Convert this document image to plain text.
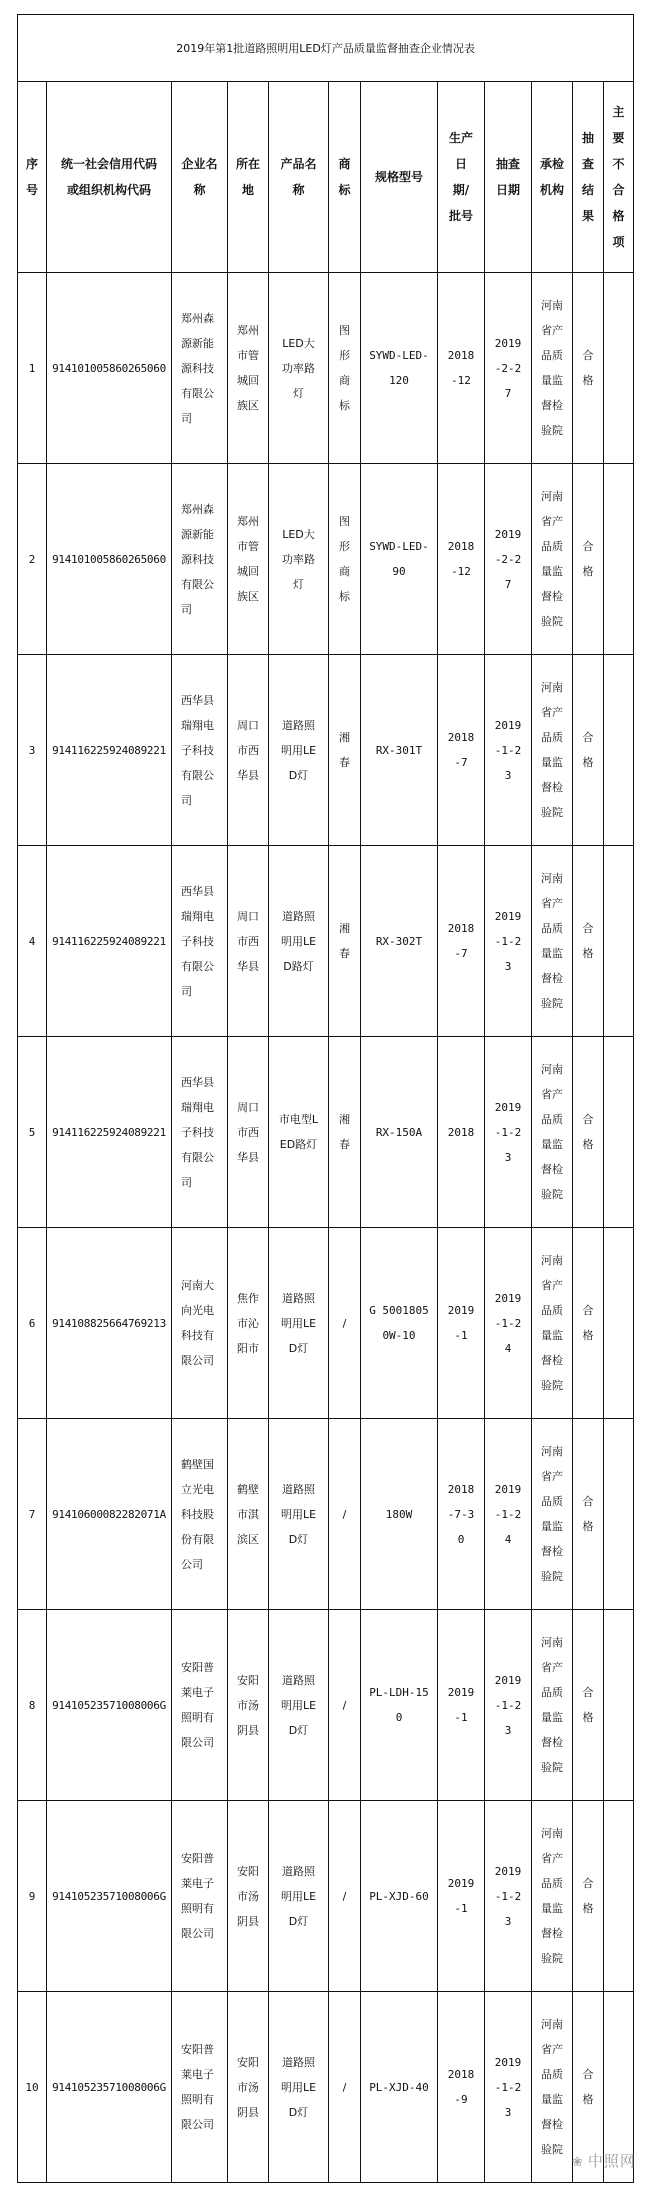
2019年第1批道路照明用LED灯产品质量监督抽查企业情况表											
序号	统一社会信用代码或组织机构代码	企业名称	所在地	产品名称	商标	规格型号	生产日期/批号	抽查日期	承检机构	抽查结果	主要不合格项
1	914101005860265060	郑州森源新能源科技有限公司	郑州市管城回族区	LED大功率路灯	图形商标	SYWD-LED-120	2018-12	2019-2-27	河南省产品质量监督检验院	合格	
2	914101005860265060	郑州森源新能源科技有限公司	郑州市管城回族区	LED大功率路灯	图形商标	SYWD-LED-90	2018-12	2019-2-27	河南省产品质量监督检验院	合格	
3	914116225924089221	西华县瑞翔电子科技有限公司	周口市西华县	道路照明用LED灯	湘春	RX-301T	2018-7	2019-1-23	河南省产品质量监督检验院	合格	
4	914116225924089221	西华县瑞翔电子科技有限公司	周口市西华县	道路照明用LED路灯	湘春	RX-302T	2018-7	2019-1-23	河南省产品质量监督检验院	合格	
5	914116225924089221	西华县瑞翔电子科技有限公司	周口市西华县	市电型LED路灯	湘春	RX-150A	2018	2019-1-23	河南省产品质量监督检验院	合格	
6	914108825664769213	河南大向光电科技有限公司	焦作市沁阳市	道路照明用LED灯	/	G 50018050W-10	2019-1	2019-1-24	河南省产品质量监督检验院	合格	
7	91410600082282071A	鹤壁国立光电科技股份有限公司	鹤壁市淇滨区	道路照明用LED灯	/	180W	2018-7-30	2019-1-24	河南省产品质量监督检验院	合格	
8	91410523571008006G	安阳普莱电子照明有限公司	安阳市汤阴县	道路照明用LED灯	/	PL-LDH-150	2019-1	2019-1-23	河南省产品质量监督检验院	合格	
9	91410523571008006G	安阳普莱电子照明有限公司	安阳市汤阴县	道路照明用LED灯	/	PL-XJD-60	2019-1	2019-1-23	河南省产品质量监督检验院	合格	
10	91410523571008006G	安阳普莱电子照明有限公司	安阳市汤阴县	道路照明用LED灯	/	PL-XJD-40	2018-9	2019-1-23	河南省产品质量监督检验院	合格	
❀ 中照网
